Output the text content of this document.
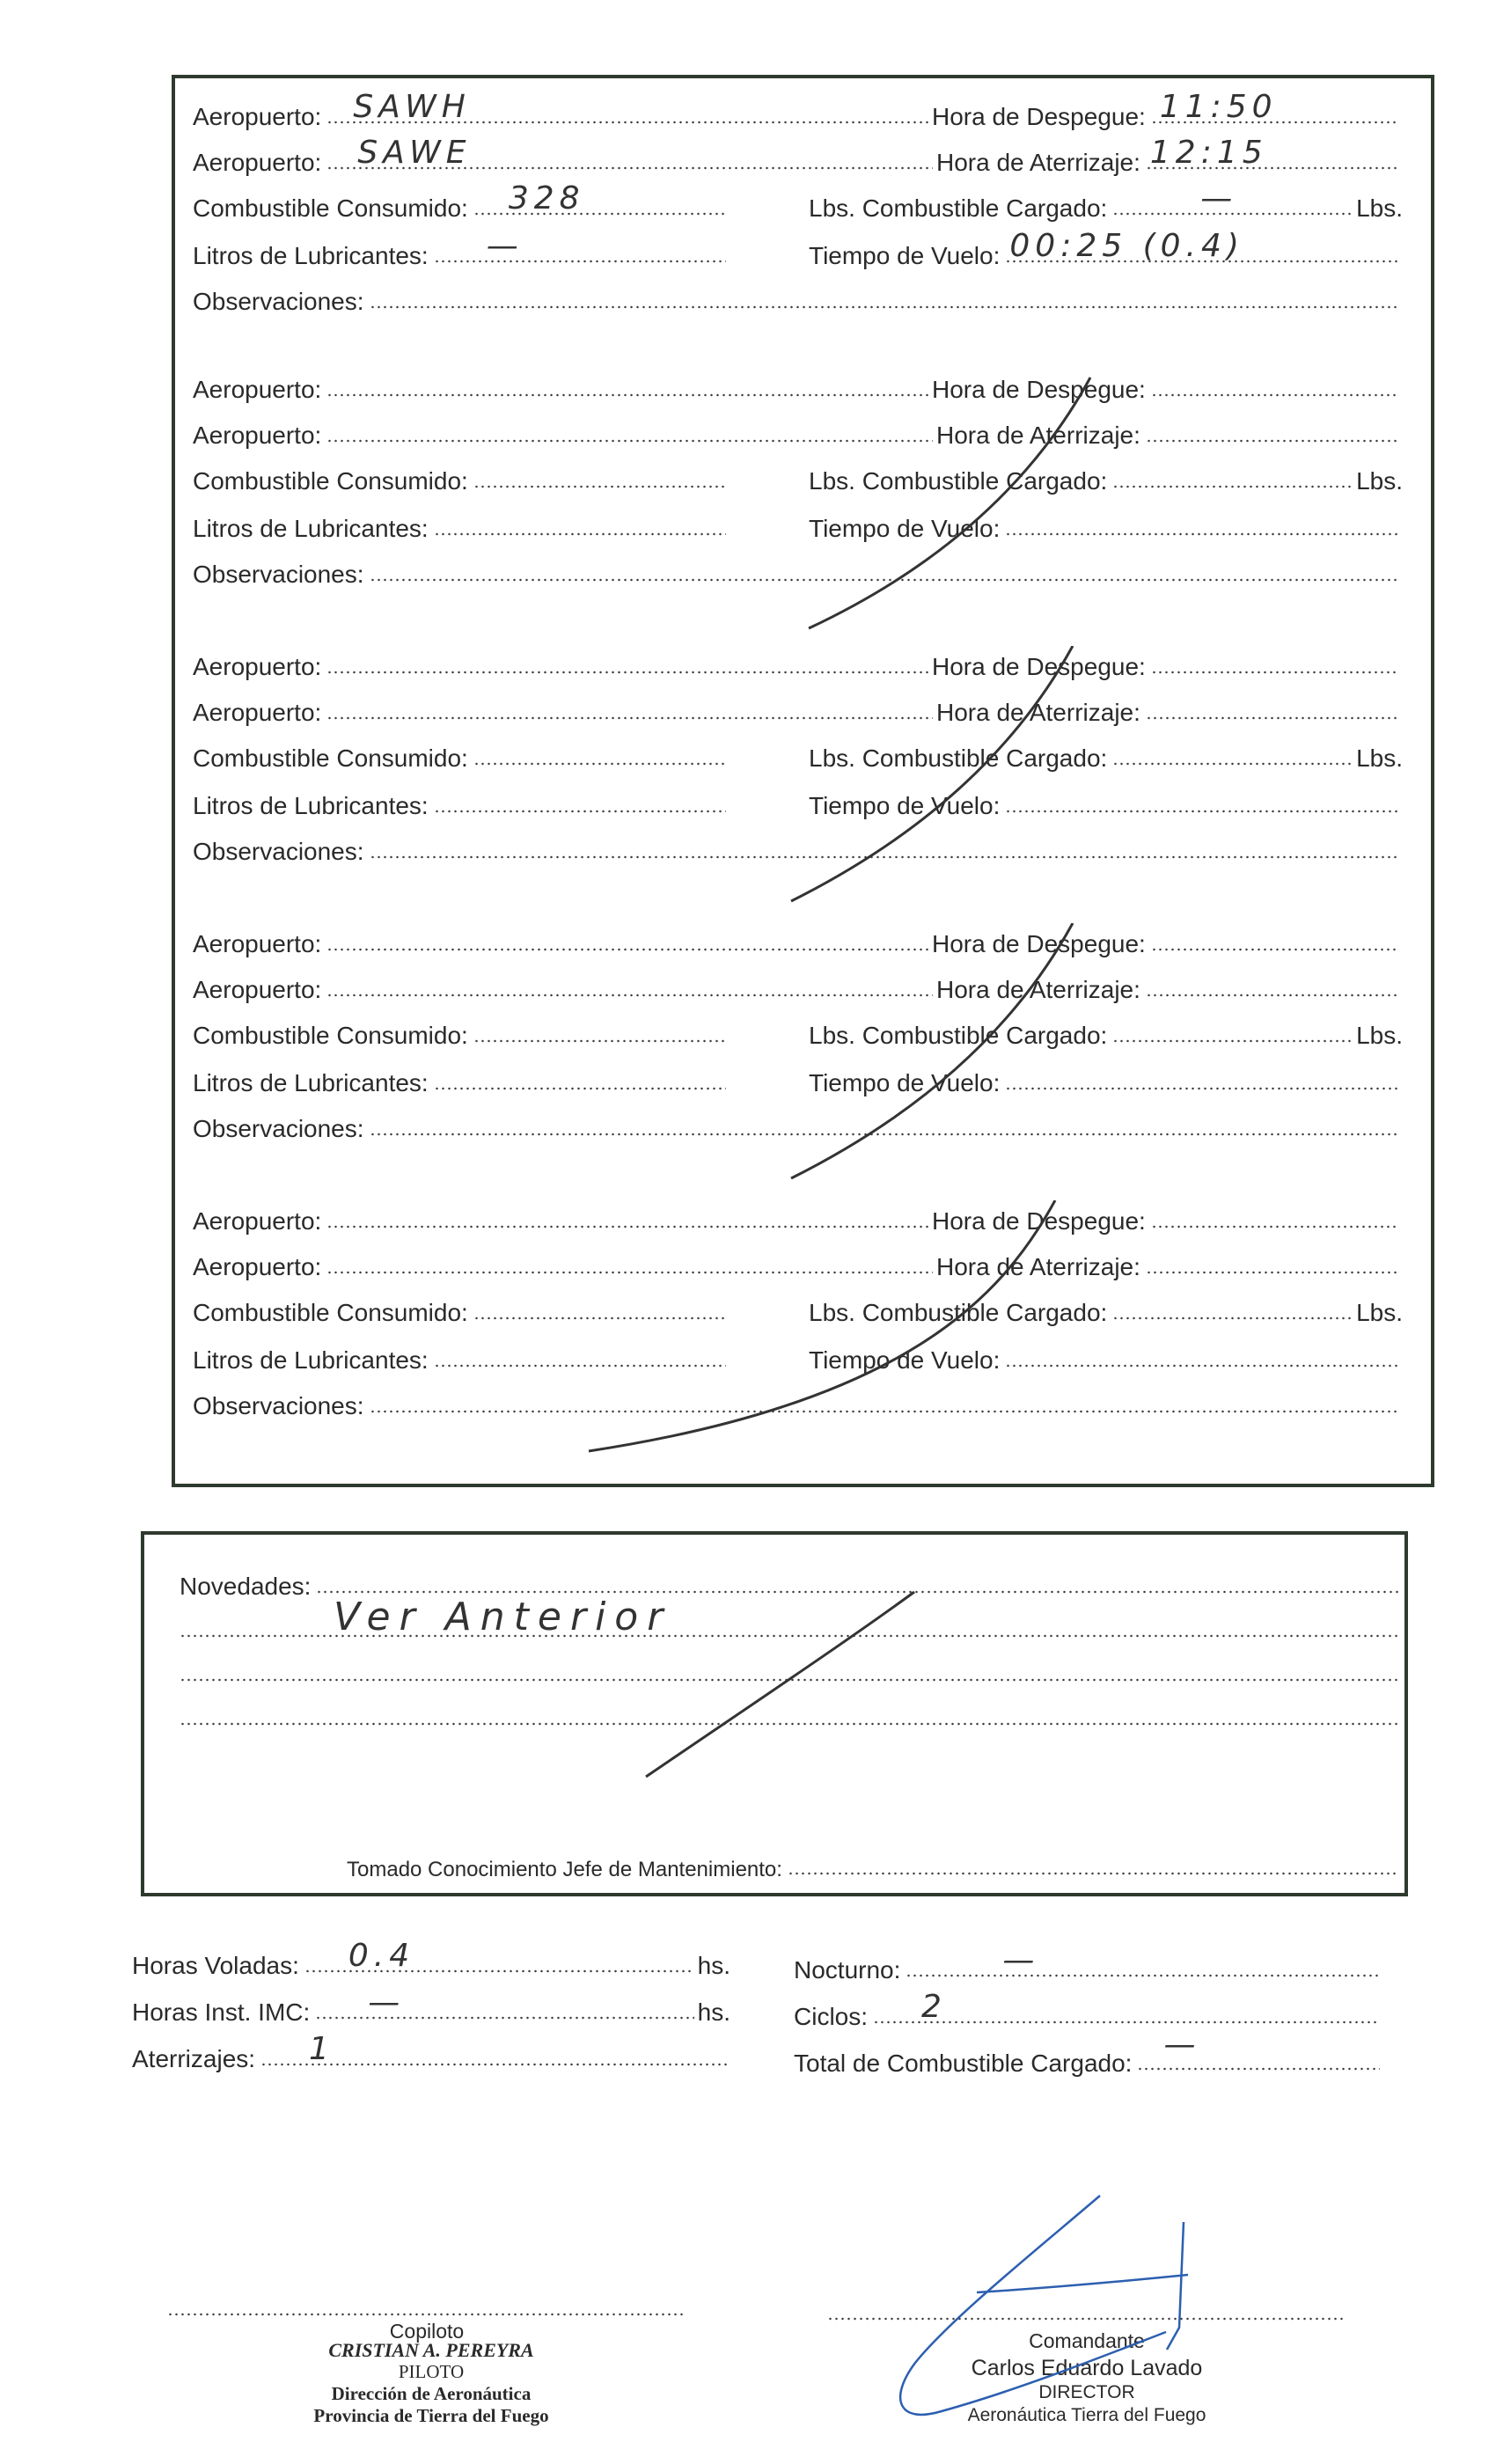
Aeropuerto: SAWH	Hora de Despegue: 11:50
Aeropuerto: SAWE	Hora de Aterrizaje: 12:15
Combustible Consumido: 328	Lbs. Combustible Cargado:	—	Lbs.
Litros de Lubricantes: —	Tiempo de Vuelo: 00:25 (0.4)
Observaciones:
Aeropuerto:	Hora de Despegue:
Aeropuerto:	Hora de Aterrizaje:
Combustible Consumido:	Lbs. Combustible Cargado:	Lbs.
Litros de Lubricantes:	Tiempo de Vuelo:
Observaciones:
Aeropuerto:	Hora de Despegue:
Aeropuerto:	Hora de Aterrizaje:
Combustible Consumido:	Lbs. Combustible Cargado:	Lbs.
Litros de Lubricantes:	Tiempo de Vuelo:
Observaciones:
Aeropuerto:	Hora de Despegue:
Aeropuerto:	Hora de Aterrizaje:
Combustible Consumido:	Lbs. Combustible Cargado:	Lbs.
Litros de Lubricantes:	Tiempo de Vuelo:
Observaciones:
Aeropuerto:	Hora de Despegue:
Aeropuerto:	Hora de Aterrizaje:
Combustible Consumido:	Lbs. Combustible Cargado:	Lbs.
Litros de Lubricantes:	Tiempo de Vuelo:
Observaciones:
Novedades:
Ver Anterior
Tomado Conocimiento Jefe de Mantenimiento:
Horas Voladas: 0.4	hs.
Horas Inst. IMC: —	hs.
Aterrizajes: 1
Nocturno:	—
Ciclos: 2
Total de Combustible Cargado:
—
Copiloto
CRISTIAN A. PEREYRA
PILOTO
Dirección de Aeronáutica
Provincia de Tierra del Fuego
Comandante
Carlos Eduardo Lavado
DIRECTOR
Aeronáutica Tierra del Fuego
